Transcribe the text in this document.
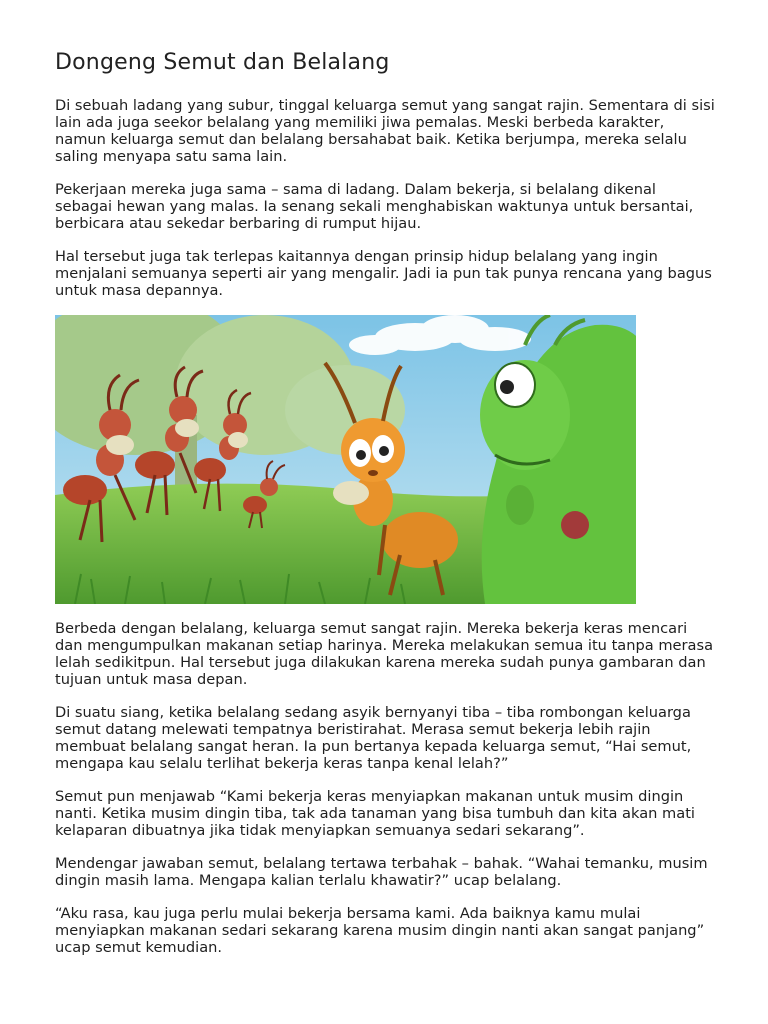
Dongeng Semut dan Belalang

Di sebuah ladang yang subur, tinggal keluarga semut yang sangat rajin. Sementara di sisi lain ada juga seekor belalang yang memiliki jiwa pemalas. Meski berbeda karakter, namun keluarga semut dan belalang bersahabat baik. Ketika berjumpa, mereka selalu saling menyapa satu sama lain.

Pekerjaan mereka juga sama – sama di ladang. Dalam bekerja, si belalang dikenal sebagai hewan yang malas. Ia senang sekali menghabiskan waktunya untuk bersantai, berbicara atau sekedar berbaring di rumput hijau.

Hal tersebut juga tak terlepas kaitannya dengan prinsip hidup belalang yang ingin menjalani semuanya seperti air yang mengalir. Jadi ia pun tak punya rencana yang bagus untuk masa depannya.

Berbeda dengan belalang, keluarga semut sangat rajin. Mereka bekerja keras mencari dan mengumpulkan makanan setiap harinya. Mereka melakukan semua itu tanpa merasa lelah sedikitpun. Hal tersebut juga dilakukan karena mereka sudah punya gambaran dan tujuan untuk masa depan.

Di suatu siang, ketika belalang sedang asyik bernyanyi tiba – tiba rombongan keluarga semut datang melewati tempatnya beristirahat. Merasa semut bekerja lebih rajin membuat belalang sangat heran. Ia pun bertanya kepada keluarga semut, “Hai semut, mengapa kau selalu terlihat bekerja keras tanpa kenal lelah?”

Semut pun menjawab “Kami bekerja keras menyiapkan makanan untuk musim dingin nanti. Ketika musim dingin tiba, tak ada tanaman yang bisa tumbuh dan kita akan mati kelaparan dibuatnya jika tidak menyiapkan semuanya sedari sekarang”.

Mendengar jawaban semut, belalang tertawa terbahak – bahak. “Wahai temanku, musim dingin masih lama. Mengapa kalian terlalu khawatir?” ucap belalang.

“Aku rasa, kau juga perlu mulai bekerja bersama kami. Ada baiknya kamu mulai menyiapkan makanan sedari sekarang karena musim dingin nanti akan sangat panjang” ucap semut kemudian.
